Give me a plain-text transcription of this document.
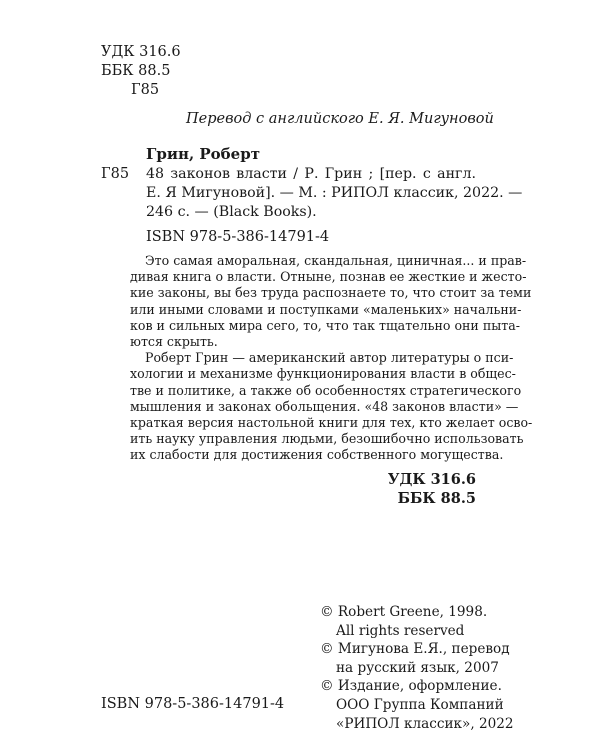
УДК 316.6
ББК 88.5
Г85
Перевод с английского Е. Я. Мигуновой
Грин, Роберт
Г85 48 законов власти / Р. Грин ; [пер. с англ.
Е. Я Мигуновой]. — М. : РИПОЛ классик, 2022. —
246 с. — (Black Books).
ISBN 978-5-386-14791-4
Это самая аморальная, скандальная, циничная... и прав-
дивая книга о власти. Отныне, познав ее жесткие и жесто-
кие законы, вы без труда распознаете то, что стоит за теми
или иными словами и поступками «маленьких» начальни-
ков и сильных мира сего, то, что так тщательно они пыта-
ются скрыть.
Роберт Грин — американский автор литературы о пси-
хологии и механизме функционирования власти в общес-
тве и политике, а также об особенностях стратегического
мышления и законах обольщения. «48 законов власти» —
краткая версия настольной книги для тех, кто желает осво-
ить науку управления людьми, безошибочно использовать
их слабости для достижения собственного могущества.
УДК 316.6
ББК 88.5
© Robert Greene, 1998.
All rights reserved
© Мигунова Е.Я., перевод
на русский язык, 2007
© Издание, оформление.
ООО Группа Компаний
«РИПОЛ классик», 2022
ISBN 978-5-386-14791-4
